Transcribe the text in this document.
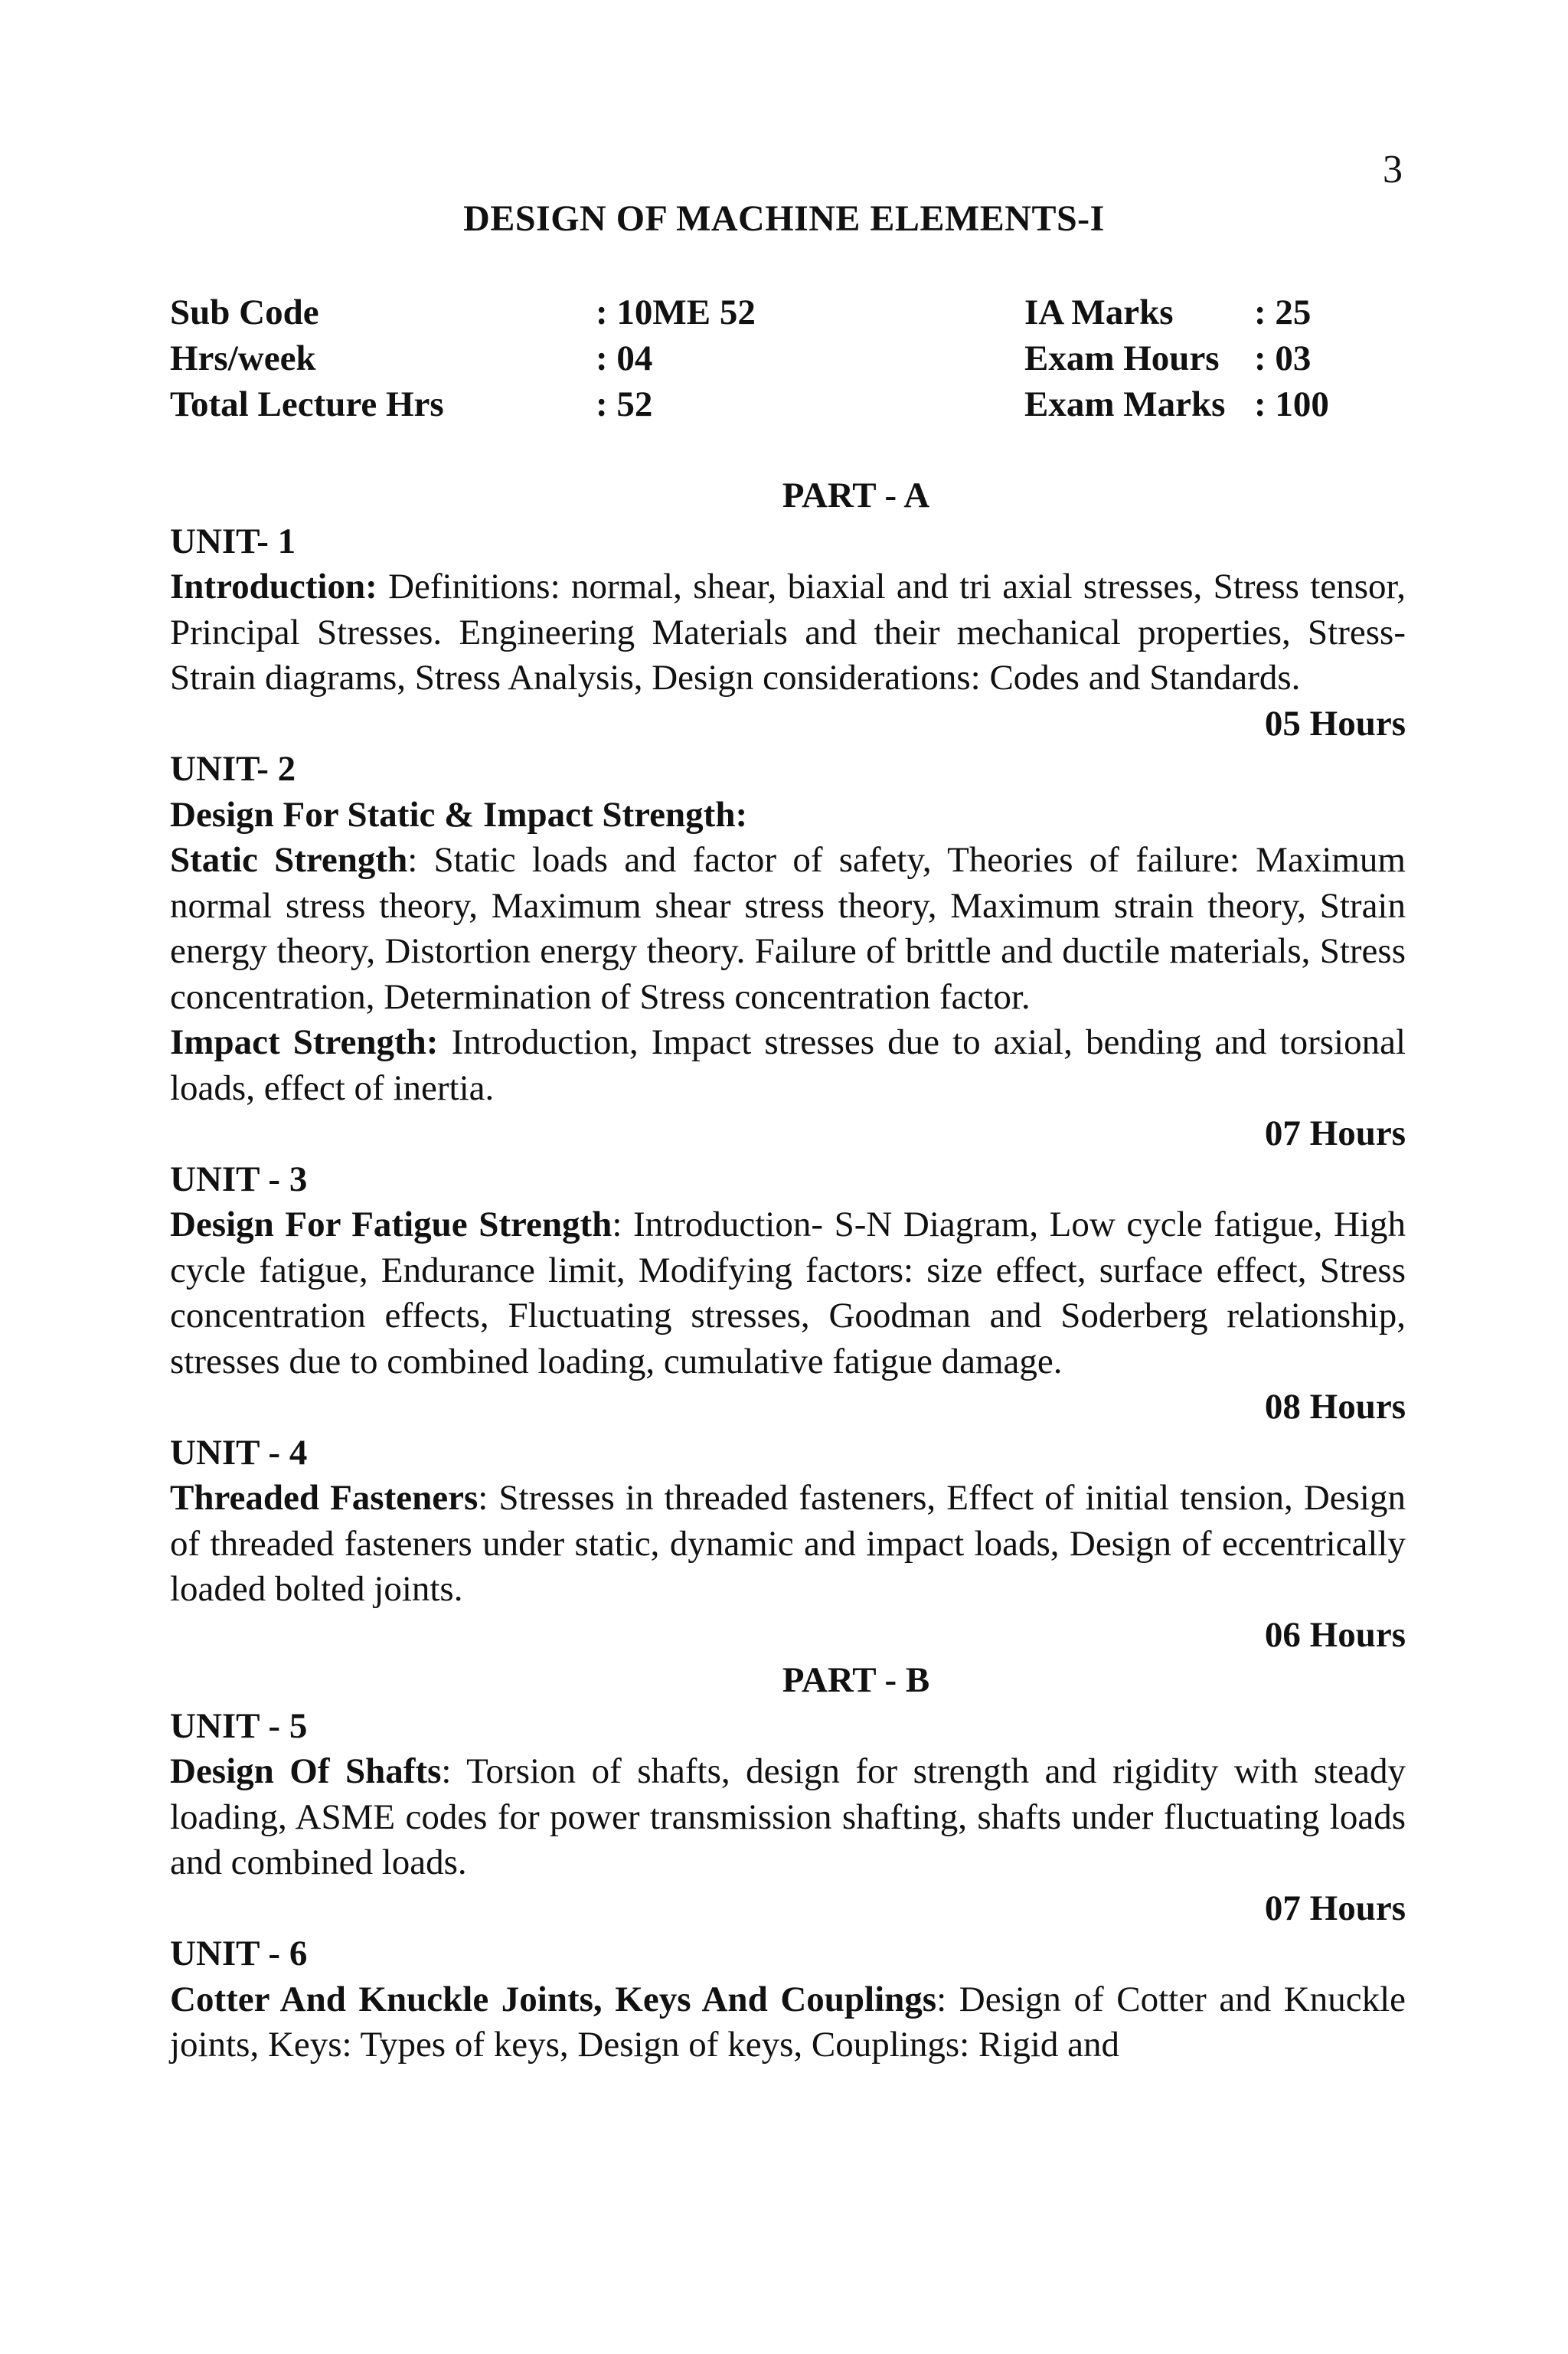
3
DESIGN OF MACHINE ELEMENTS-I
Sub Code	: 10ME 52	IA Marks	: 25
Hrs/week	: 04	Exam Hours : 03
Total Lecture Hrs	: 52	Exam Marks : 100
PART - A
UNIT- 1
Introduction: Definitions: normal, shear, biaxial and tri axial stresses, Stress tensor, Principal Stresses. Engineering Materials and their mechanical properties, Stress-Strain diagrams, Stress Analysis, Design considerations: Codes and Standards.
05 Hours
UNIT- 2
Design For Static & Impact Strength:
Static Strength: Static loads and factor of safety, Theories of failure: Maximum normal stress theory, Maximum shear stress theory, Maximum strain theory, Strain energy theory, Distortion energy theory. Failure of brittle and ductile materials, Stress concentration, Determination of Stress concentration factor.
Impact Strength: Introduction, Impact stresses due to axial, bending and torsional loads, effect of inertia.
07 Hours
UNIT - 3
Design For Fatigue Strength: Introduction- S-N Diagram, Low cycle fatigue, High cycle fatigue, Endurance limit, Modifying factors: size effect, surface effect, Stress concentration effects, Fluctuating stresses, Goodman and Soderberg relationship, stresses due to combined loading, cumulative fatigue damage.
08 Hours
UNIT - 4
Threaded Fasteners: Stresses in threaded fasteners, Effect of initial tension, Design of threaded fasteners under static, dynamic and impact loads, Design of eccentrically loaded bolted joints.
06 Hours
PART - B
UNIT - 5
Design Of Shafts: Torsion of shafts, design for strength and rigidity with steady loading, ASME codes for power transmission shafting, shafts under fluctuating loads and combined loads.
07 Hours
UNIT - 6
Cotter And Knuckle Joints, Keys And Couplings: Design of Cotter and Knuckle joints, Keys: Types of keys, Design of keys, Couplings: Rigid and
